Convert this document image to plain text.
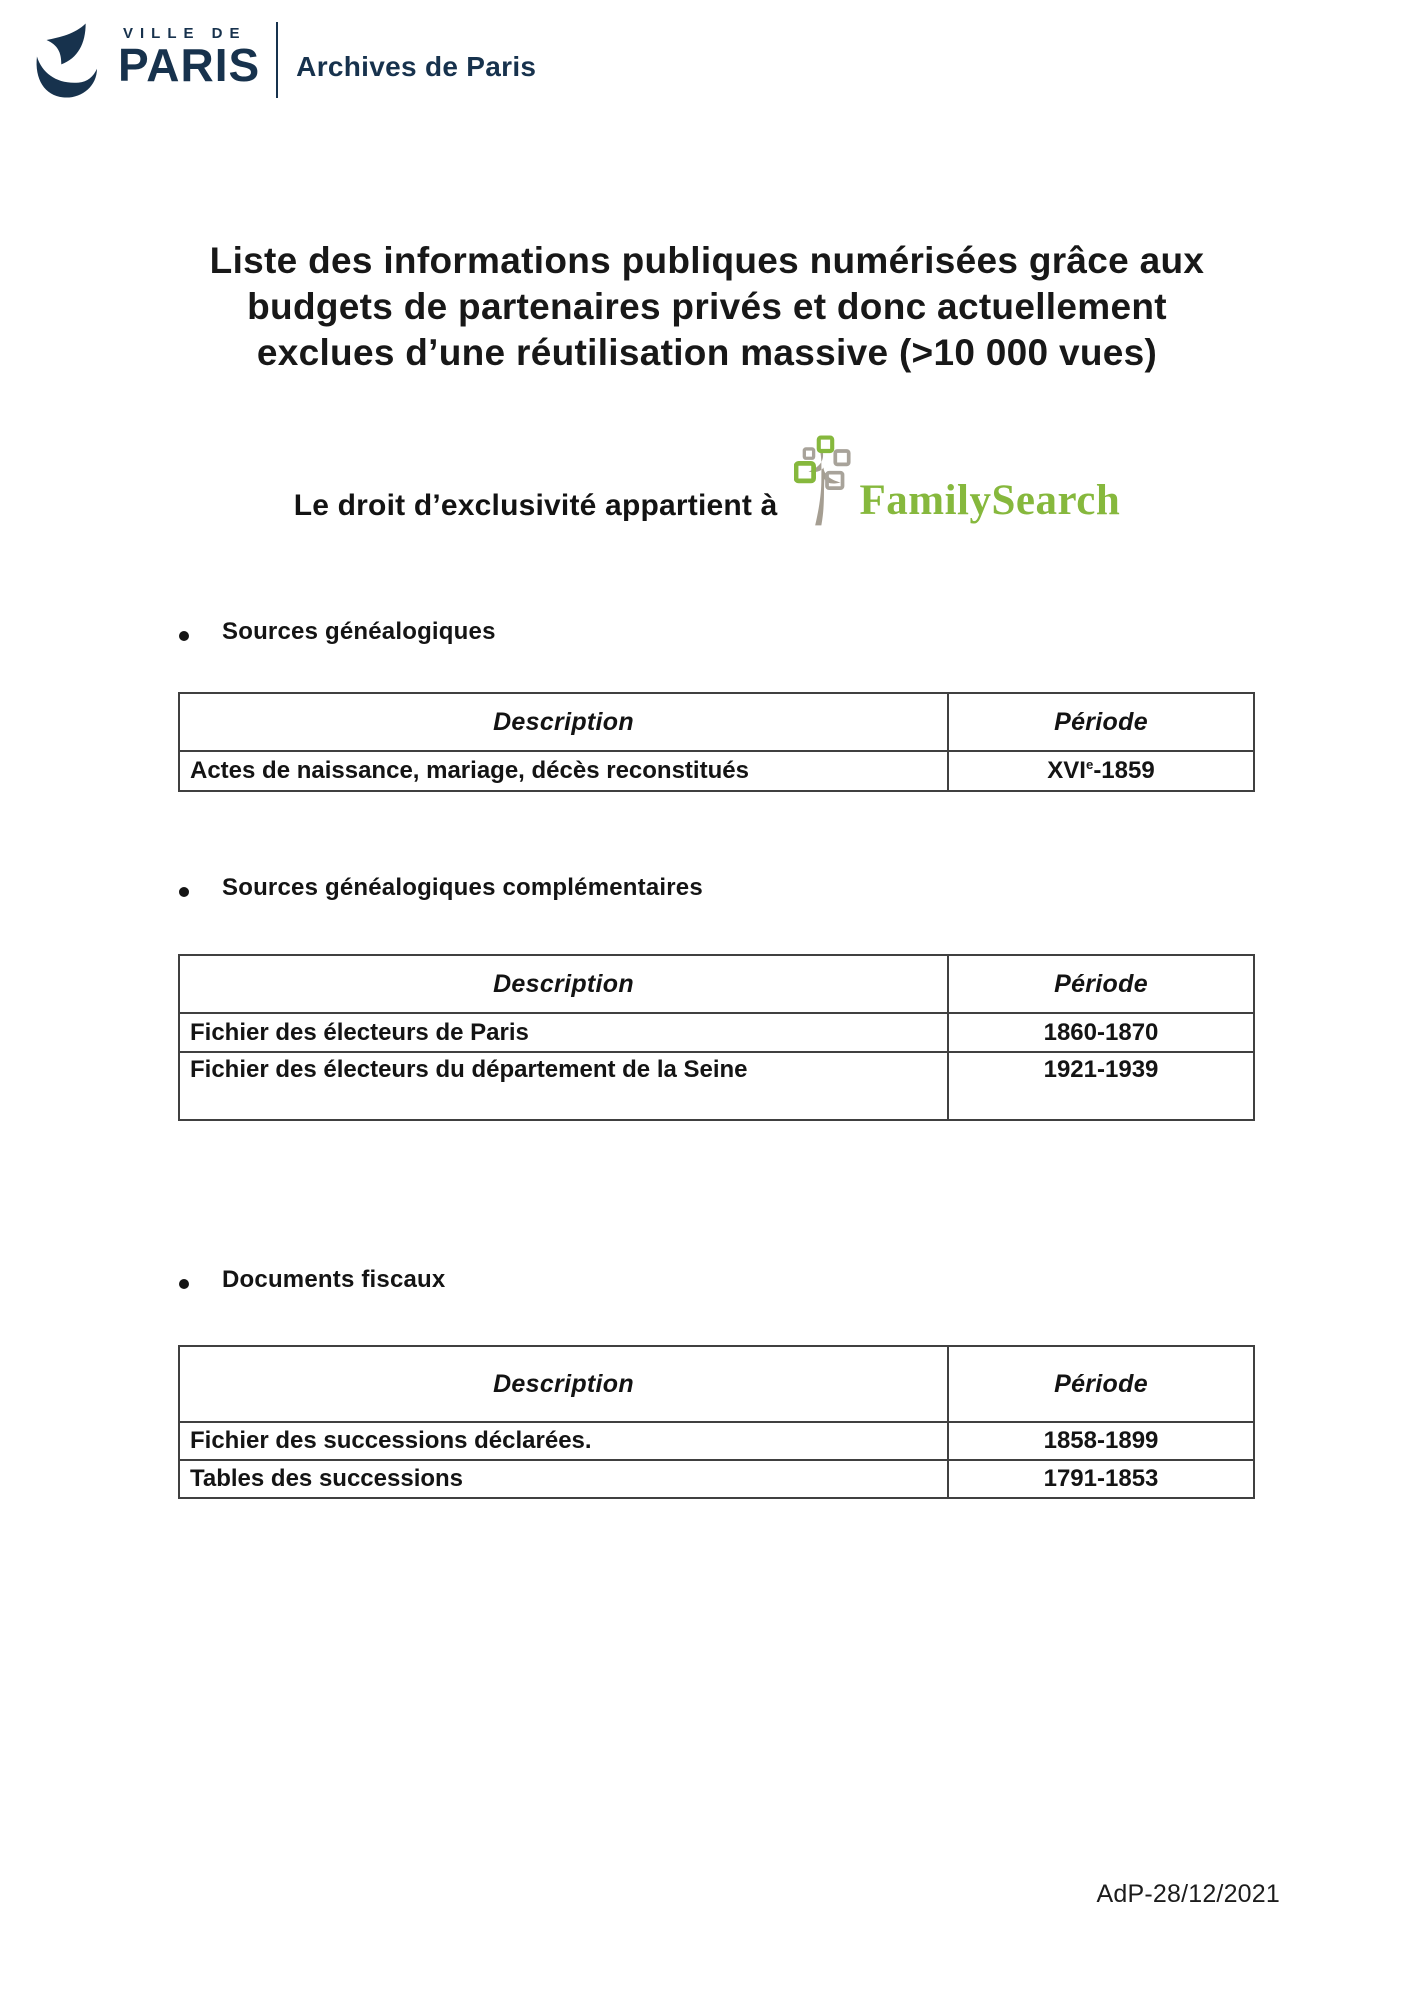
VILLE DE
PARIS Archives de Paris
Liste des informations publiques numérisées grâce aux
budgets de partenaires privés et donc actuellement
exclues d’une réutilisation massive (>10 000 vues)
Le droit d’exclusivité appartient à FamilySearch
Sources généalogiques
Description	Période
Actes de naissance, mariage, décès reconstitués	XVIe-1859
Sources généalogiques complémentaires
Description	Période
Fichier des électeurs de Paris	1860-1870
Fichier des électeurs du département de la Seine	1921-1939
Documents fiscaux
Description	Période
Fichier des successions déclarées.	1858-1899
Tables des successions	1791-1853
AdP-28/12/2021
